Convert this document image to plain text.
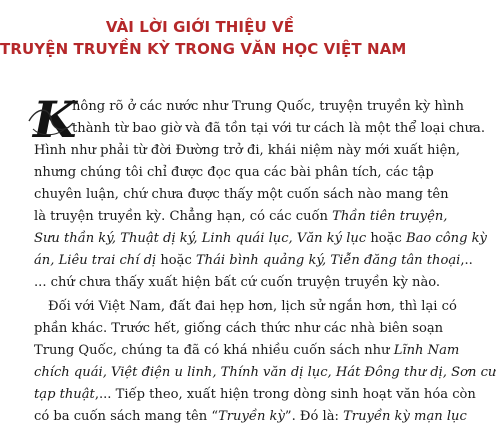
VÀI LỜI GIỚI THIỆU VỀ
TRUYỆN TRUYỀN KỲ TRONG VĂN HỌC VIỆT NAM
K
hông rõ ở các nước như Trung Quốc, truyện truyền kỳ hình
thành từ bao giờ và đã tồn tại với tư cách là một thể loại chưa.
Hình như phải từ đời Đường trở đi, khái niệm này mới xuất hiện,
nhưng chúng tôi chỉ được đọc qua các bài phân tích, các tập
chuyên luận, chứ chưa được thấy một cuốn sách nào mang tên
là truyện truyền kỳ. Chẳng hạn, có các cuốn Thần tiên truyện,
Sưu thần ký, Thuật dị ký, Linh quái lục, Văn ký lục hoặc Bao công kỳ
án, Liêu trai chí dị hoặc Thái bình quảng ký, Tiễn đăng tân thoại,..
... chứ chưa thấy xuất hiện bất cứ cuốn truyện truyền kỳ nào.
Đối với Việt Nam, đất đai hẹp hơn, lịch sử ngắn hơn, thì lại có
phần khác. Trước hết, giống cách thức như các nhà biên soạn
Trung Quốc, chúng ta đã có khá nhiều cuốn sách như Lĩnh Nam
chích quái, Việt điện u linh, Thính văn dị lục, Hát Đông thư dị, Sơn cư
tạp thuật,... Tiếp theo, xuất hiện trong dòng sinh hoạt văn hóa còn
có ba cuốn sách mang tên “Truyền kỳ”. Đó là: Truyền kỳ mạn lục
